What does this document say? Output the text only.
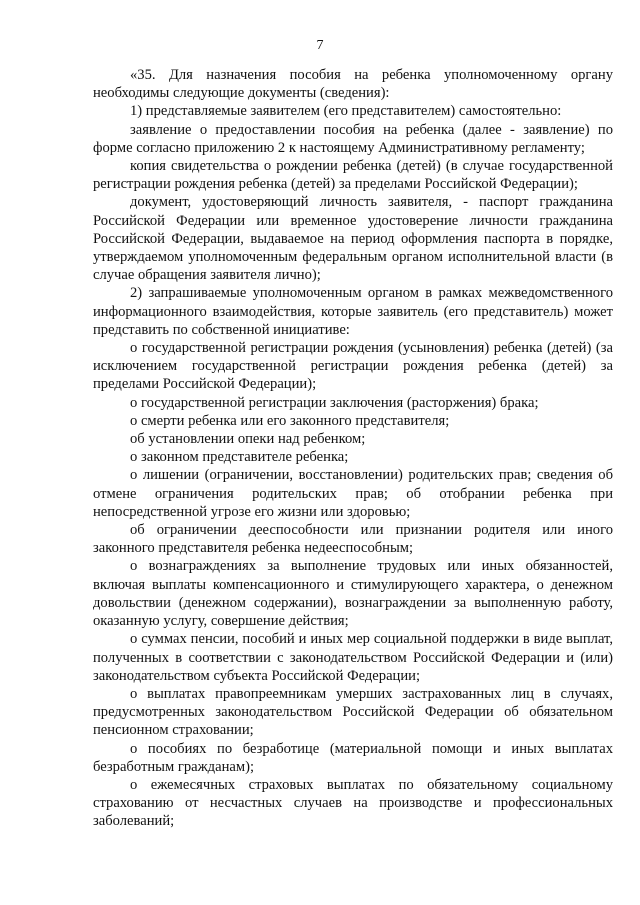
7

«35. Для назначения пособия на ребенка уполномоченному органу необходимы следующие документы (сведения):

1) представляемые заявителем (его представителем) самостоятельно:

заявление о предоставлении пособия на ребенка (далее - заявление) по форме согласно приложению 2 к настоящему Административному регламенту;

копия свидетельства о рождении ребенка (детей) (в случае государственной регистрации рождения ребенка (детей) за пределами Российской Федерации);

документ, удостоверяющий личность заявителя, - паспорт гражданина Российской Федерации или временное удостоверение личности гражданина Российской Федерации, выдаваемое на период оформления паспорта в порядке, утверждаемом уполномоченным федеральным органом исполнительной власти (в случае обращения заявителя лично);

2) запрашиваемые уполномоченным органом в рамках межведомственного информационного взаимодействия, которые заявитель (его представитель) может представить по собственной инициативе:

о государственной регистрации рождения (усыновления) ребенка (детей) (за исключением государственной регистрации рождения ребенка (детей) за пределами Российской Федерации);

о государственной регистрации заключения (расторжения) брака;

о смерти ребенка или его законного представителя;

об установлении опеки над ребенком;

о законном представителе ребенка;

о лишении (ограничении, восстановлении) родительских прав; сведения об отмене ограничения родительских прав; об отобрании ребенка при непосредственной угрозе его жизни или здоровью;

об ограничении дееспособности или признании родителя или иного законного представителя ребенка недееспособным;

о вознаграждениях за выполнение трудовых или иных обязанностей, включая выплаты компенсационного и стимулирующего характера, о денежном довольствии (денежном содержании), вознаграждении за выполненную работу, оказанную услугу, совершение действия;

о суммах пенсии, пособий и иных мер социальной поддержки в виде выплат, полученных в соответствии с законодательством Российской Федерации и (или) законодательством субъекта Российской Федерации;

о выплатах правопреемникам умерших застрахованных лиц в случаях, предусмотренных законодательством Российской Федерации об обязательном пенсионном страховании;

о пособиях по безработице (материальной помощи и иных выплатах безработным гражданам);

о ежемесячных страховых выплатах по обязательному социальному страхованию от несчастных случаев на производстве и профессиональных заболеваний;
